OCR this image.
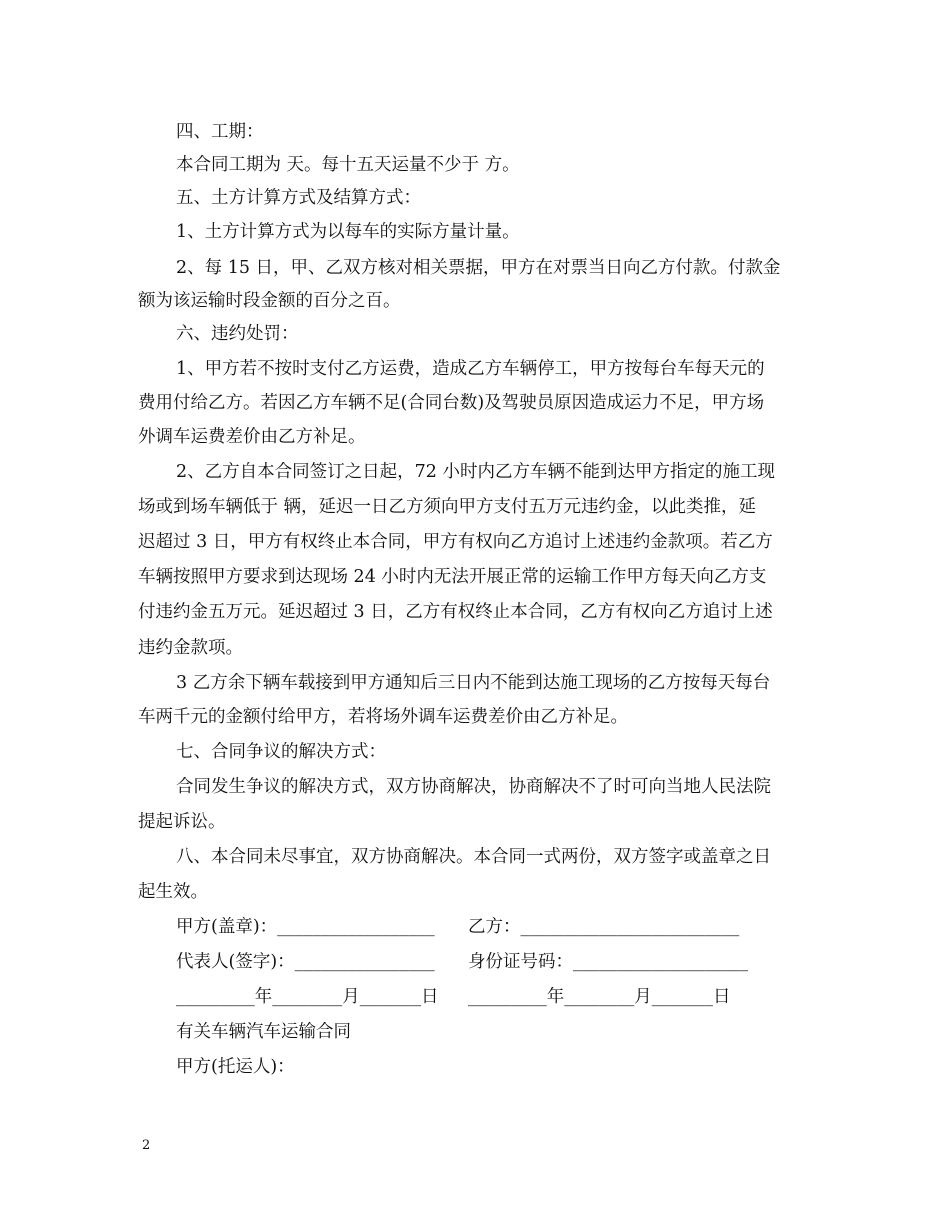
四、工期：
本合同工期为 天。每十五天运量不少于 方。
五、土方计算方式及结算方式：
1、土方计算方式为以每车的实际方量计量。
2、每 15 日，甲、乙双方核对相关票据，甲方在对票当日向乙方付款。付款金
额为该运输时段金额的百分之百。
六、违约处罚：
1、甲方若不按时支付乙方运费，造成乙方车辆停工，甲方按每台车每天元的
费用付给乙方。若因乙方车辆不足(合同台数)及驾驶员原因造成运力不足，甲方场
外调车运费差价由乙方补足。
2、乙方自本合同签订之日起，72 小时内乙方车辆不能到达甲方指定的施工现
场或到场车辆低于 辆，延迟一日乙方须向甲方支付五万元违约金，以此类推，延
迟超过 3 日，甲方有权终止本合同，甲方有权向乙方追讨上述违约金款项。若乙方
车辆按照甲方要求到达现场 24 小时内无法开展正常的运输工作甲方每天向乙方支
付违约金五万元。延迟超过 3 日，乙方有权终止本合同，乙方有权向乙方追讨上述
违约金款项。
3 乙方余下辆车载接到甲方通知后三日内不能到达施工现场的乙方按每天每台
车两千元的金额付给甲方，若将场外调车运费差价由乙方补足。
七、合同争议的解决方式：
合同发生争议的解决方式，双方协商解决，协商解决不了时可向当地人民法院
提起诉讼。
八、本合同未尽事宜，双方协商解决。本合同一式两份，双方签字或盖章之日
起生效。
甲方(盖章)：__________________ 乙方：_________________________
代表人(签字)：________________ 身份证号码：____________________
_________年________月_______日 _________年________月_______日
有关车辆汽车运输合同
甲方(托运人)：
2
